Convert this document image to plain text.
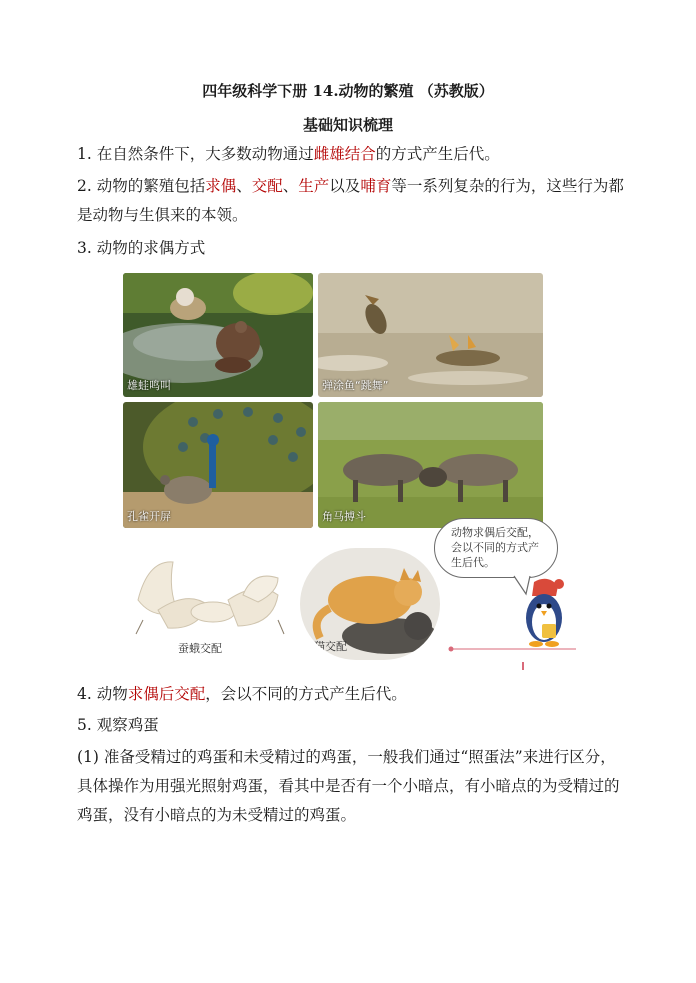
四年级科学下册 14.动物的繁殖 （苏教版）
基础知识梳理
1. 在自然条件下，大多数动物通过雌雄结合的方式产生后代。
2. 动物的繁殖包括求偶、交配、生产以及哺育等一系列复杂的行为，这些行为都是动物与生俱来的本领。
3. 动物的求偶方式
雄蛙鸣叫	弹涂鱼“跳舞”
孔雀开屏	角马搏斗
蚕蛾交配	猫交配
动物求偶后交配，会以不同的方式产生后代。
4. 动物求偶后交配，会以不同的方式产生后代。
5. 观察鸡蛋
(1) 准备受精过的鸡蛋和未受精过的鸡蛋，一般我们通过“照蛋法”来进行区分，具体操作为用强光照射鸡蛋，看其中是否有一个小暗点，有小暗点的为受精过的鸡蛋，没有小暗点的为未受精过的鸡蛋。
